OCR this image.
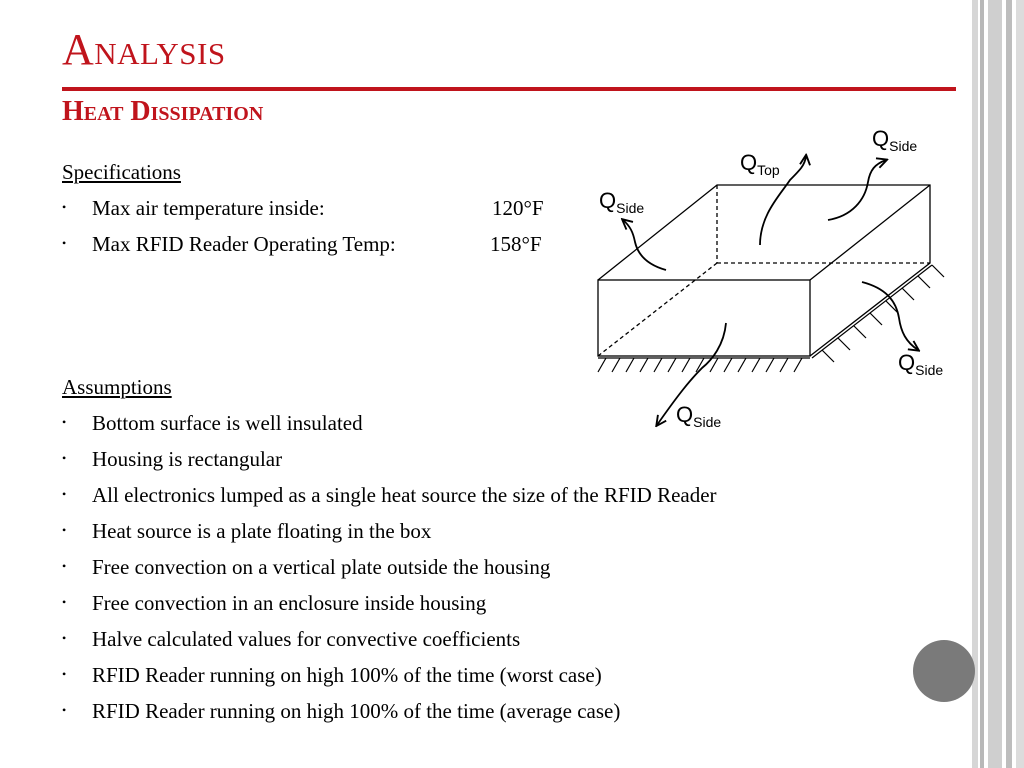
Analysis
Heat Dissipation
Specifications
• Max air temperature inside:	120°F
• Max RFID Reader Operating Temp:	158°F
Assumptions
• Bottom surface is well insulated
• Housing is rectangular
• All electronics lumped as a single heat source the size of the RFID Reader
• Heat source is a plate floating in the box
• Free convection on a vertical plate outside the housing
• Free convection in an enclosure inside housing
• Halve calculated values for convective coefficients
• RFID Reader running on high 100% of the time (worst case)
• RFID Reader running on high 100% of the time (average case)
$Q_{Top}$
$Q_{Side}$
$Q_{Side}$
$Q_{Side}$
$Q_{Side}$
